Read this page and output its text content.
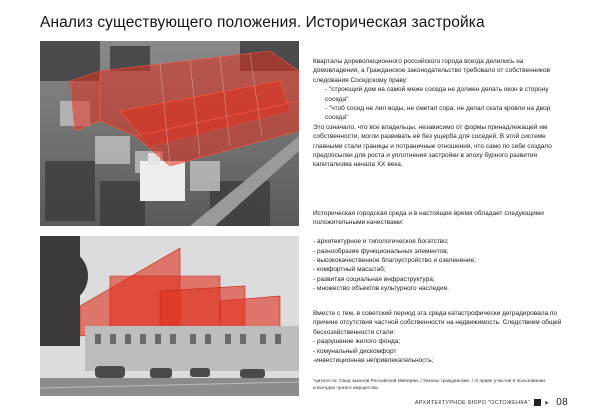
Анализ существующего положения. Историческая застройка

Кварталы дореволюционного российского города всегда делились на домовладения, а Гражданское законодательство требовало от собственников следования Соседскому праву:

- "строющий дом на самой меже соседа не должен делать окон в сторону соседа"
- "чтоб сосед не лил воды, не сметал сора, не делал ската кровли на двор соседа"

Это означало, что все владельцы, независимо от формы принадлежащей им собственности, могли развивать её без ущерба для соседей. В этой системе главными стали границы и потраничные отношения, что само по себе создало предпосылки для роста и уплотнения застройки в эпоху бурного развития капитализма начала XX века.

Историческая городская среда и в настоящее время обладает следующими положительными качествами:

- архитектурное и типологическое богатство;
- разнообразие функциональных элементов;
- высококачественное благоустройство и озеленение;
- комфортный масштаб;
- развитая социальная инфраструктура;
- множество объектов культурного наследия.

Вместе с тем, в советский период эта среда катастрофически деградировала по причине отсутствия частной собственности на недвижимость. Следствием общей бесхозяйственности стали:

- разрушение жилого фонда;
- комунальный дискомфорт
-инвестиционная непривлекательность;
*цитата по: Свод законов Российской Империи. / Законы гражданские. / О праве участия в пользовании
и выгодах чужого имущества.
АРХИТЕКТУРНОЕ БЮРО "ОСТОЖЕНКА"	▶ 08
